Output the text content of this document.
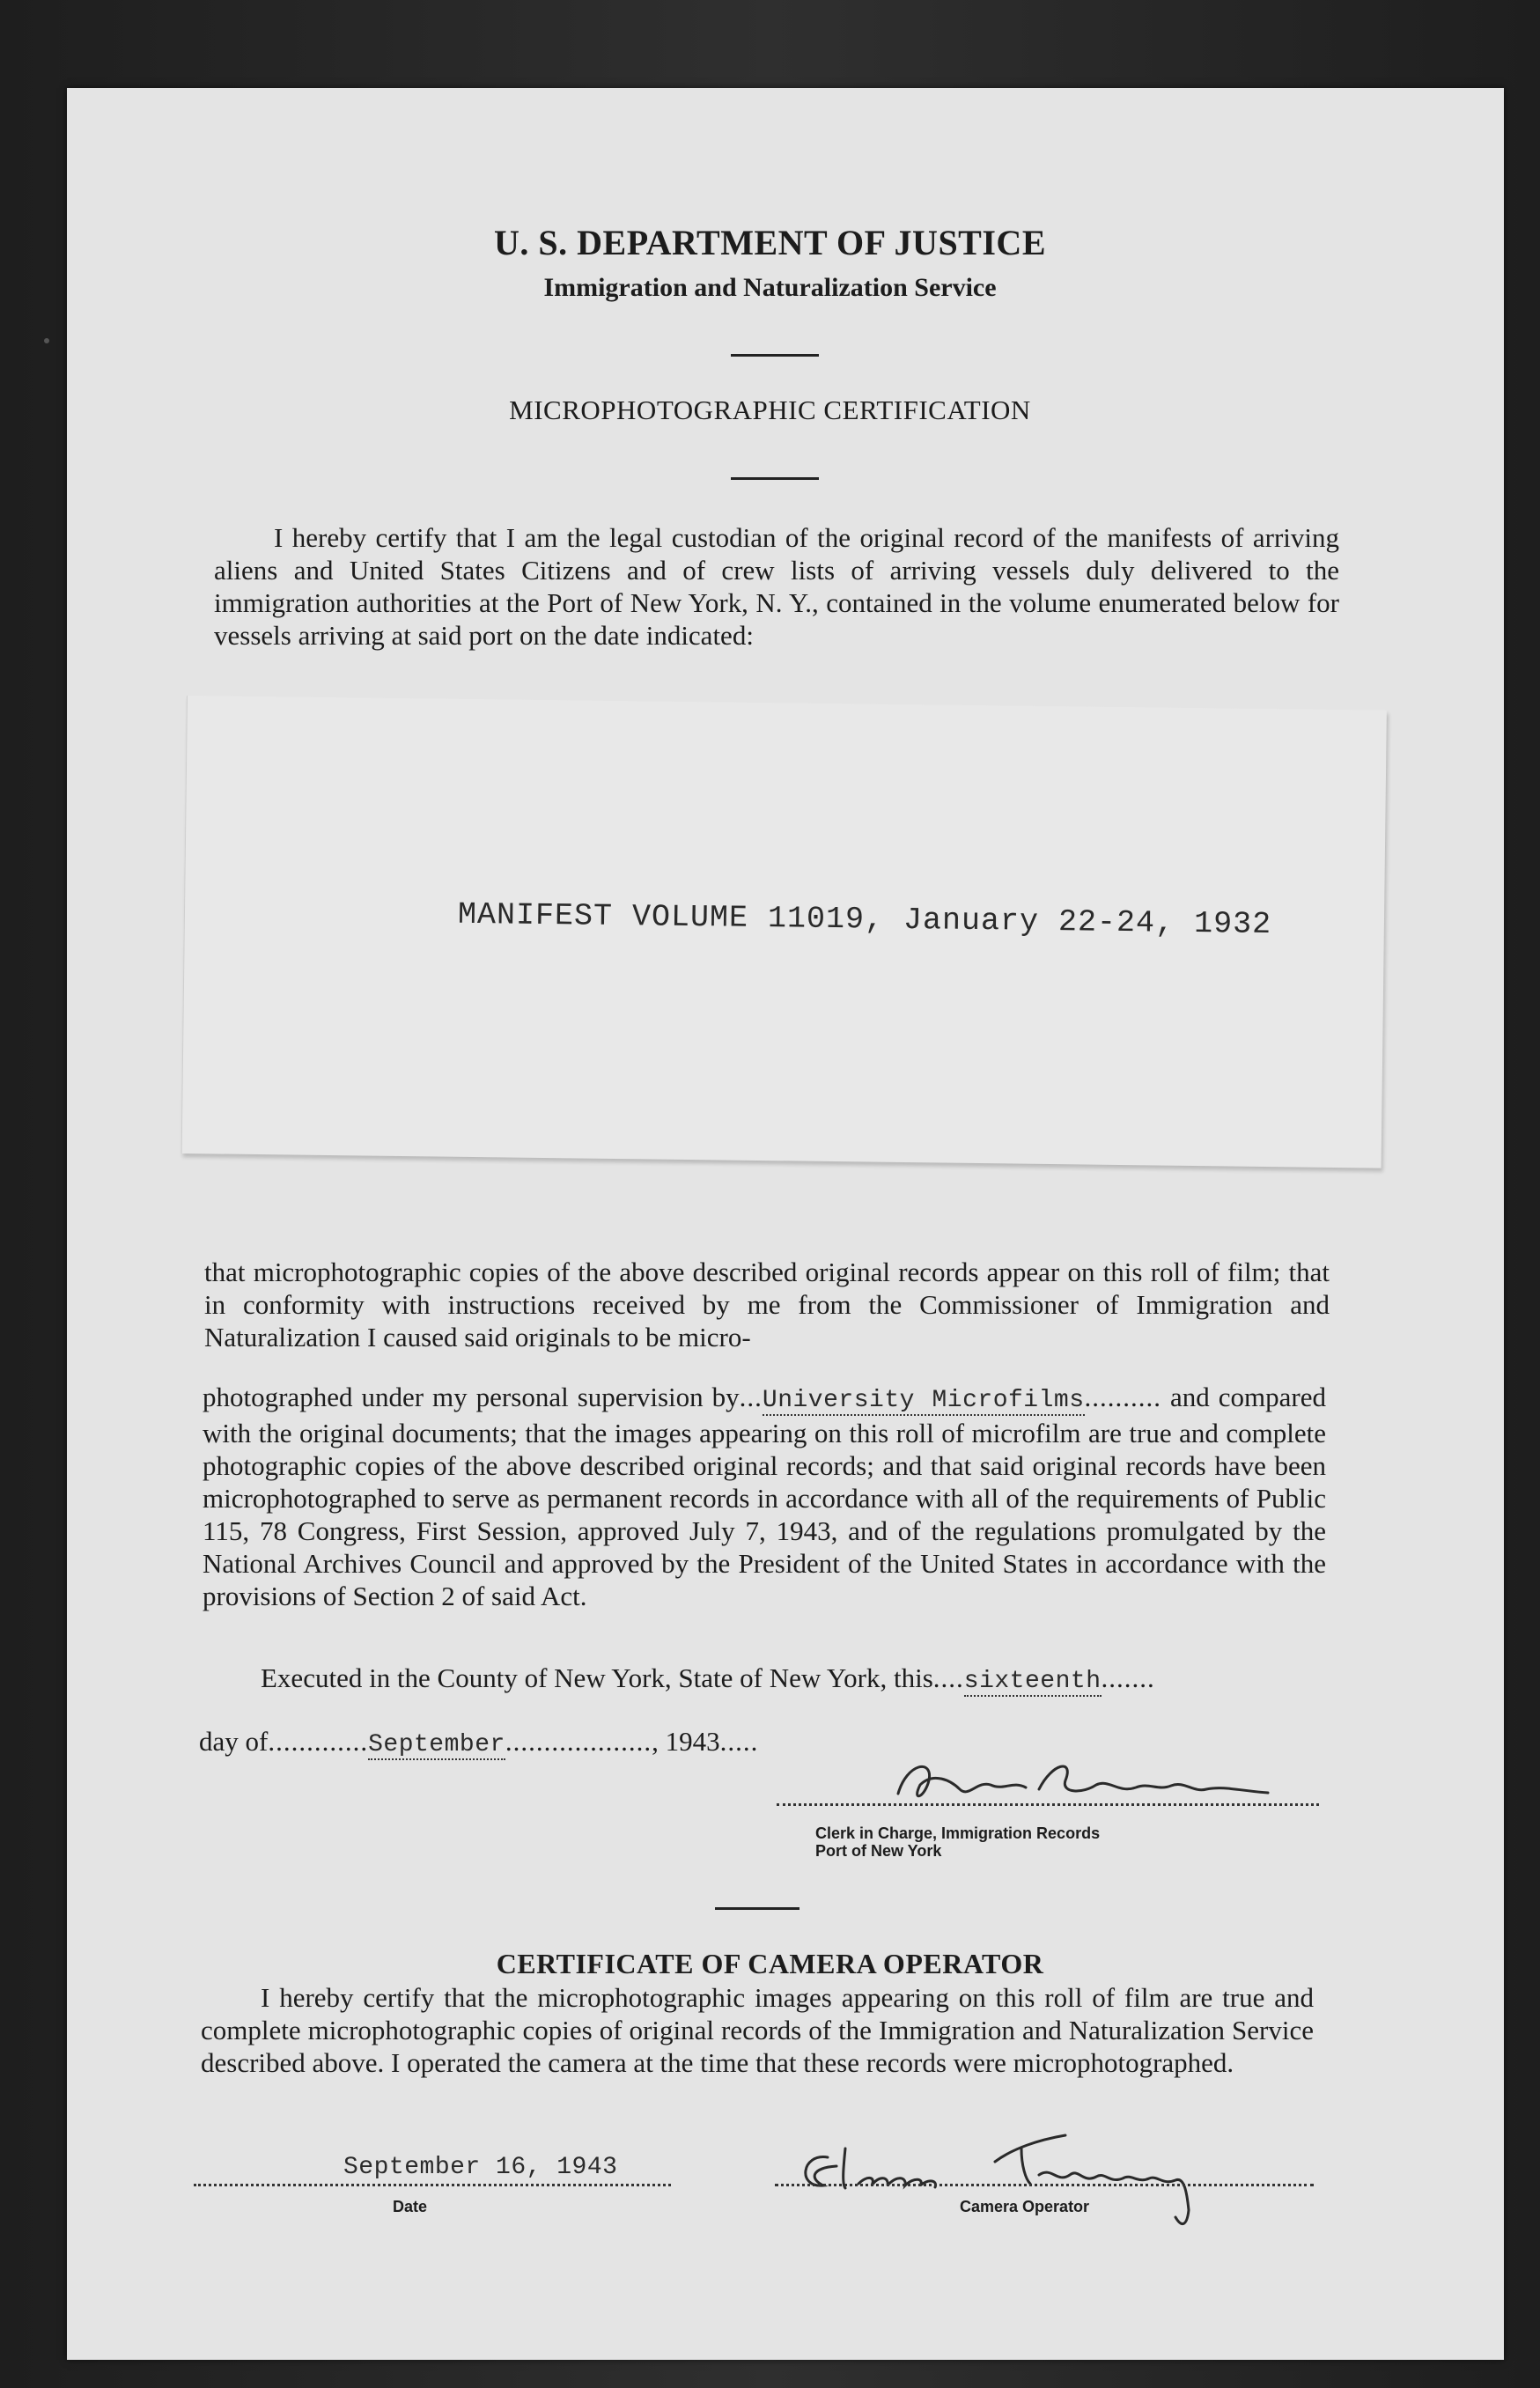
U. S. DEPARTMENT OF JUSTICE
Immigration and Naturalization Service
MICROPHOTOGRAPHIC CERTIFICATION
I hereby certify that I am the legal custodian of the original record of the manifests of arriving aliens and United States Citizens and of crew lists of arriving vessels duly delivered to the immigration authorities at the Port of New York, N. Y., contained in the volume enumerated below for vessels arriving at said port on the date indicated:
MANIFEST VOLUME 11019, January 22-24, 1932
that microphotographic copies of the above described original records appear on this roll of film; that in conformity with instructions received by me from the Commissioner of Immigration and Naturalization I caused said originals to be micro-
photographed under my personal supervision by...University Microfilms.......... and compared with the original documents; that the images appearing on this roll of microfilm are true and complete photographic copies of the above described original records; and that said original records have been microphotographed to serve as permanent records in accordance with all of the requirements of Public 115, 78 Congress, First Session, approved July 7, 1943, and of the regulations promulgated by the National Archives Council and approved by the President of the United States in accordance with the provisions of Section 2 of said Act.
Executed in the County of New York, State of New York, this....sixteenth.......
day of.............September..................., 1943.....
Clerk in Charge, Immigration Records
Port of New York
CERTIFICATE OF CAMERA OPERATOR
I hereby certify that the microphotographic images appearing on this roll of film are true and complete microphotographic copies of original records of the Immigration and Naturalization Service described above. I operated the camera at the time that these records were microphotographed.
September 16, 1943
Date	Camera Operator
